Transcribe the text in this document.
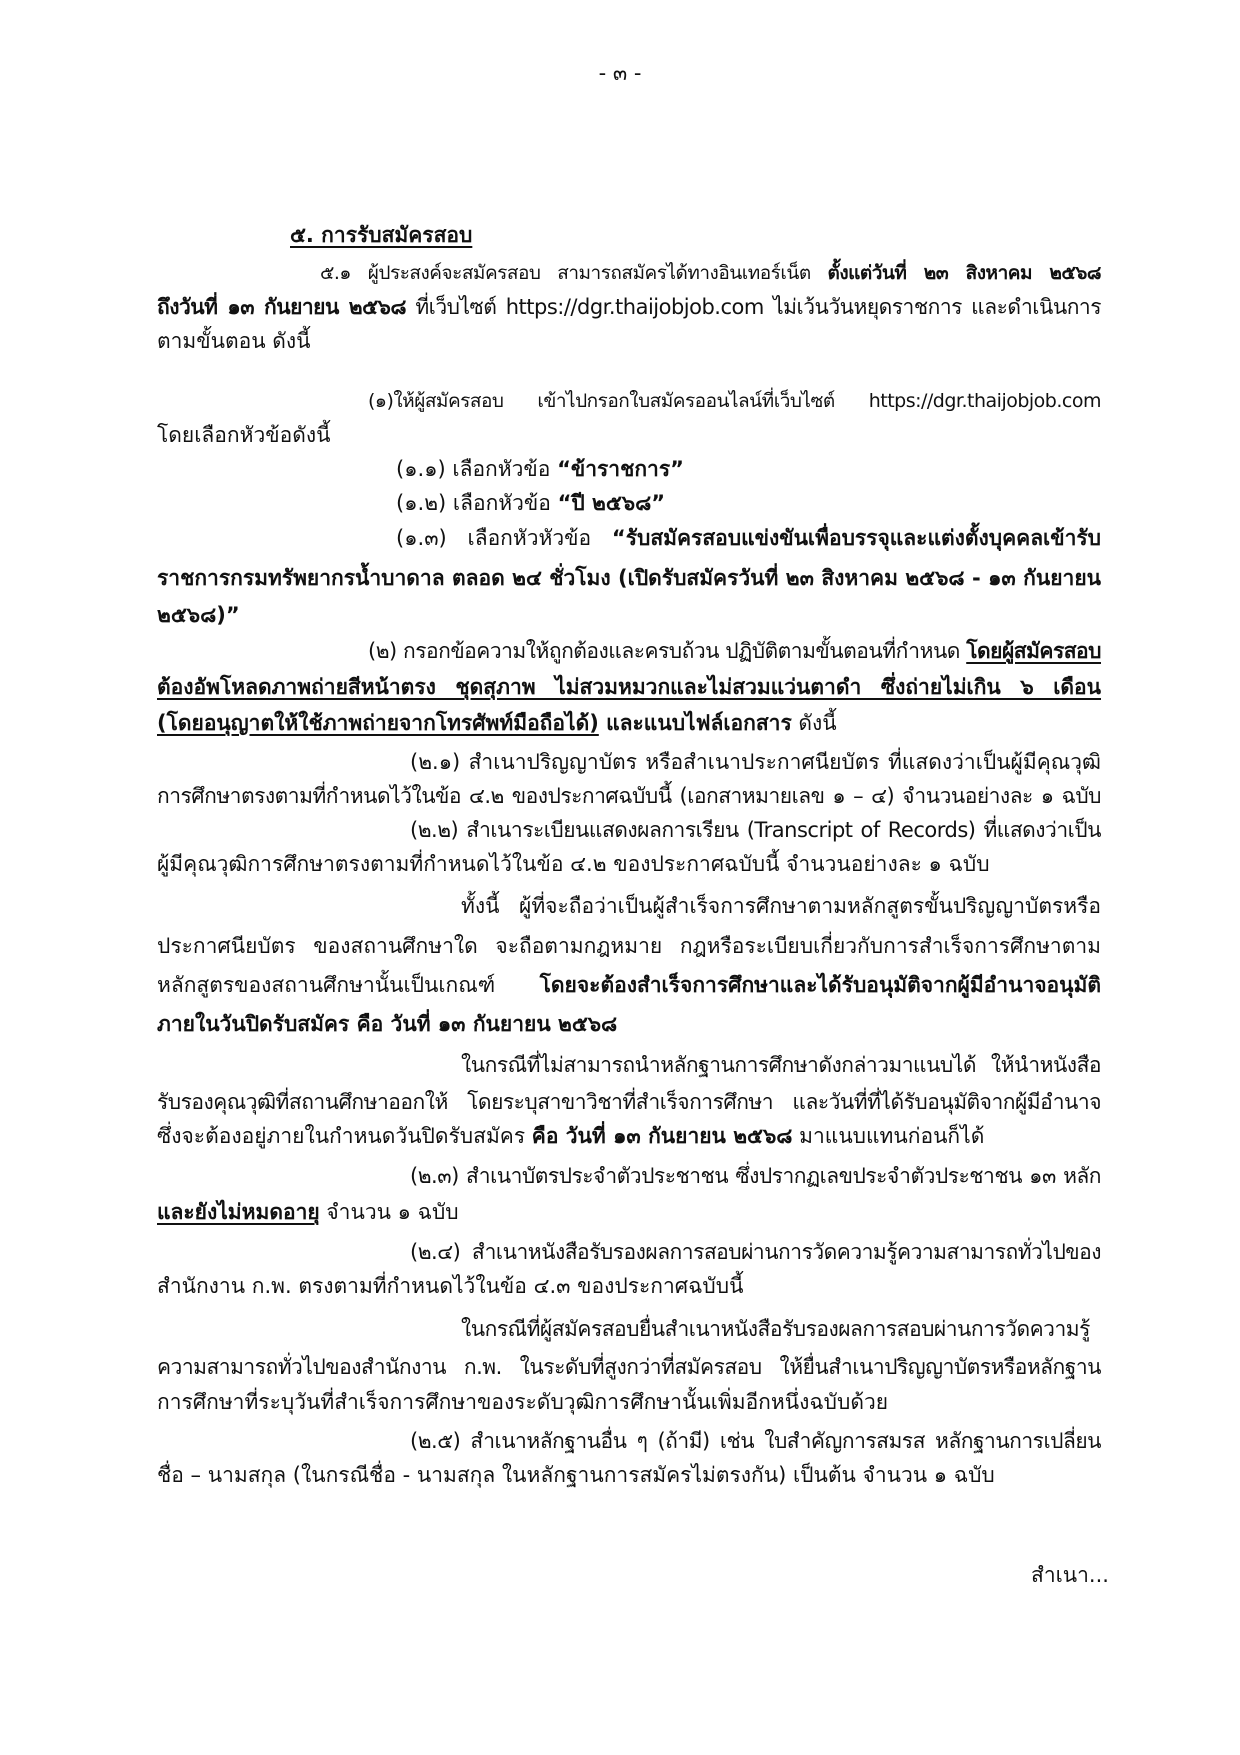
- ๓ -
๕. การรับสมัครสอบ
๕.๑ ผู้ประสงค์จะสมัครสอบ สามารถสมัครได้ทางอินเทอร์เน็ต ตั้งแต่วันที่ ๒๓ สิงหาคม ๒๕๖๘
ถึงวันที่ ๑๓ กันยายน ๒๕๖๘ ที่เว็บไซต์ https://dgr.thaijobjob.com ไม่เว้นวันหยุดราชการ และดำเนินการ
ตามขั้นตอน ดังนี้
(๑)ให้ผู้สมัครสอบ เข้าไปกรอกใบสมัครออนไลน์ที่เว็บไซต์ https://dgr.thaijobjob.com
โดยเลือกหัวข้อดังนี้
(๑.๑) เลือกหัวข้อ “ข้าราชการ”
(๑.๒) เลือกหัวข้อ “ปี ๒๕๖๘”
(๑.๓) เลือกหัวหัวข้อ “รับสมัครสอบแข่งขันเพื่อบรรจุและแต่งตั้งบุคคลเข้ารับ
ราชการกรมทรัพยากรน้ำบาดาล ตลอด ๒๔ ชั่วโมง (เปิดรับสมัครวันที่ ๒๓ สิงหาคม ๒๕๖๘ - ๑๓ กันยายน
๒๕๖๘)”
(๒) กรอกข้อความให้ถูกต้องและครบถ้วน ปฏิบัติตามขั้นตอนที่กำหนด โดยผู้สมัครสอบ
ต้องอัพโหลดภาพถ่ายสีหน้าตรง ชุดสุภาพ ไม่สวมหมวกและไม่สวมแว่นตาดำ ซึ่งถ่ายไม่เกิน ๖ เดือน
(โดยอนุญาตให้ใช้ภาพถ่ายจากโทรศัพท์มือถือได้) และแนบไฟล์เอกสาร ดังนี้
(๒.๑) สำเนาปริญญาบัตร หรือสำเนาประกาศนียบัตร ที่แสดงว่าเป็นผู้มีคุณวุฒิ
การศึกษาตรงตามที่กำหนดไว้ในข้อ ๔.๒ ของประกาศฉบับนี้ (เอกสาหมายเลข ๑ – ๔) จำนวนอย่างละ ๑ ฉบับ
(๒.๒) สำเนาระเบียนแสดงผลการเรียน (Transcript of Records) ที่แสดงว่าเป็น
ผู้มีคุณวุฒิการศึกษาตรงตามที่กำหนดไว้ในข้อ ๔.๒ ของประกาศฉบับนี้ จำนวนอย่างละ ๑ ฉบับ
ทั้งนี้ ผู้ที่จะถือว่าเป็นผู้สำเร็จการศึกษาตามหลักสูตรขั้นปริญญาบัตรหรือ
ประกาศนียบัตร ของสถานศึกษาใด จะถือตามกฎหมาย กฎหรือระเบียบเกี่ยวกับการสำเร็จการศึกษาตาม
หลักสูตรของสถานศึกษานั้นเป็นเกณฑ์ โดยจะต้องสำเร็จการศึกษาและได้รับอนุมัติจากผู้มีอำนาจอนุมัติ
ภายในวันปิดรับสมัคร คือ วันที่ ๑๓ กันยายน ๒๕๖๘
ในกรณีที่ไม่สามารถนำหลักฐานการศึกษาดังกล่าวมาแนบได้ ให้นำหนังสือ
รับรองคุณวุฒิที่สถานศึกษาออกให้ โดยระบุสาขาวิชาที่สำเร็จการศึกษา และวันที่ที่ได้รับอนุมัติจากผู้มีอำนาจ
ซึ่งจะต้องอยู่ภายในกำหนดวันปิดรับสมัคร คือ วันที่ ๑๓ กันยายน ๒๕๖๘ มาแนบแทนก่อนก็ได้
(๒.๓) สำเนาบัตรประจำตัวประชาชน ซึ่งปรากฏเลขประจำตัวประชาชน ๑๓ หลัก
และยังไม่หมดอายุ จำนวน ๑ ฉบับ
(๒.๔) สำเนาหนังสือรับรองผลการสอบผ่านการวัดความรู้ความสามารถทั่วไปของ
สำนักงาน ก.พ. ตรงตามที่กำหนดไว้ในข้อ ๔.๓ ของประกาศฉบับนี้
ในกรณีที่ผู้สมัครสอบยื่นสำเนาหนังสือรับรองผลการสอบผ่านการวัดความรู้
ความสามารถทั่วไปของสำนักงาน ก.พ. ในระดับที่สูงกว่าที่สมัครสอบ ให้ยื่นสำเนาปริญญาบัตรหรือหลักฐาน
การศึกษาที่ระบุวันที่สำเร็จการศึกษาของระดับวุฒิการศึกษานั้นเพิ่มอีกหนึ่งฉบับด้วย
(๒.๕) สำเนาหลักฐานอื่น ๆ (ถ้ามี) เช่น ใบสำคัญการสมรส หลักฐานการเปลี่ยน
ชื่อ – นามสกุล (ในกรณีชื่อ - นามสกุล ในหลักฐานการสมัครไม่ตรงกัน) เป็นต้น จำนวน ๑ ฉบับ
สำเนา...
